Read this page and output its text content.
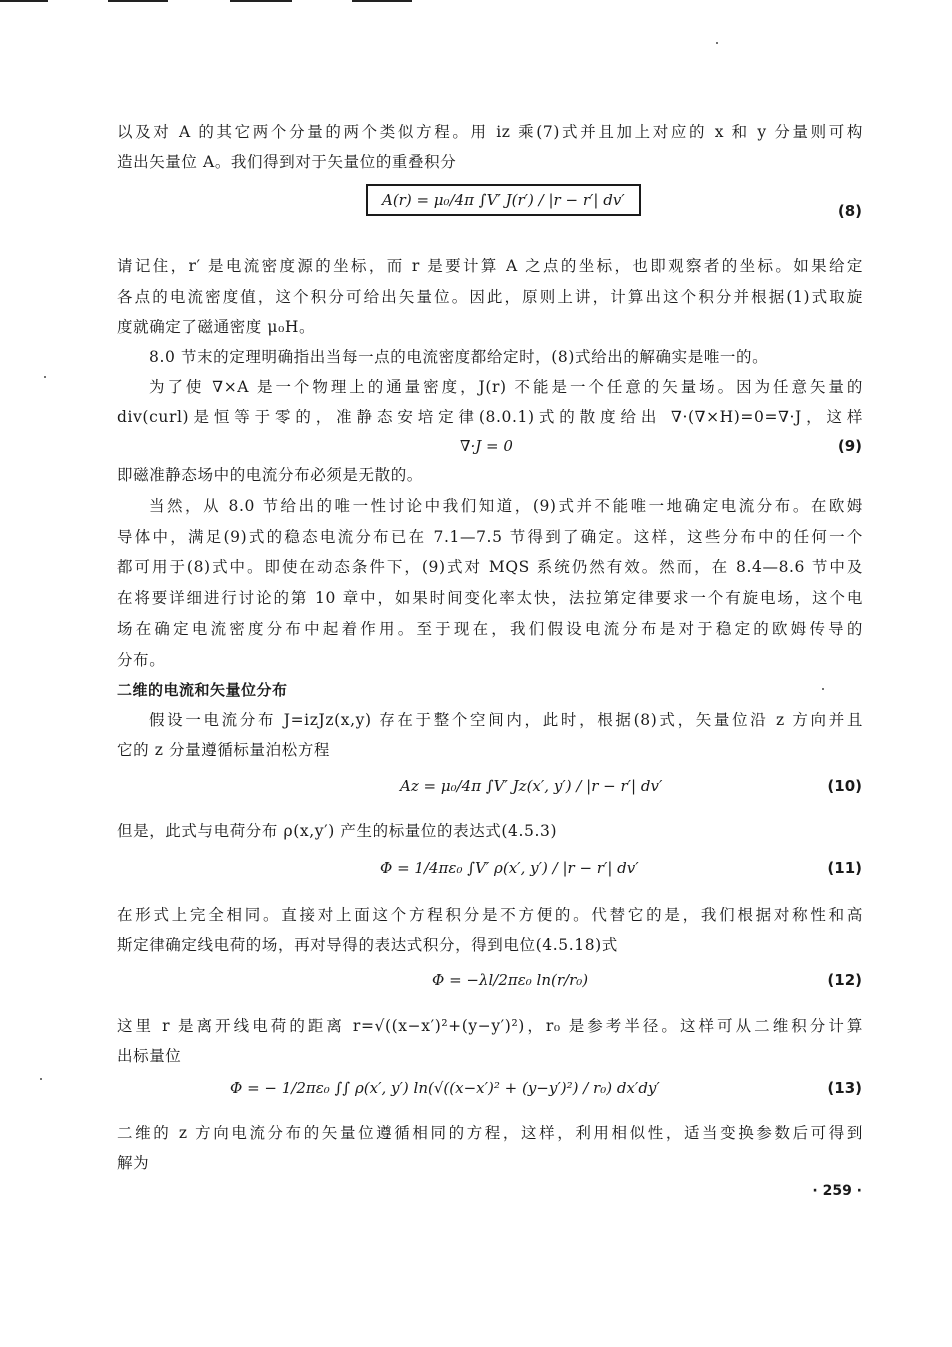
以及对 A 的其它两个分量的两个类似方程。用 iz 乘(7)式并且加上对应的 x 和 y 分量则可构
造出矢量位 A。我们得到对于矢量位的重叠积分
A(r) = μ₀/4π ∫V′ J(r′) / |r − r′| dv′
(8)
请记住，r′ 是电流密度源的坐标，而 r 是要计算 A 之点的坐标，也即观察者的坐标。如果给定
各点的电流密度值，这个积分可给出矢量位。因此，原则上讲，计算出这个积分并根据(1)式取旋
度就确定了磁通密度 μ₀H。
8.0 节末的定理明确指出当每一点的电流密度都给定时，(8)式给出的解确实是唯一的。
为了使 ∇×A 是一个物理上的通量密度，J(r) 不能是一个任意的矢量场。因为任意矢量的
div(curl)是恒等于零的，准静态安培定律(8.0.1)式的散度给出 ∇·(∇×H)=0=∇·J，这样
∇·J = 0	(9)
即磁准静态场中的电流分布必须是无散的。
当然，从 8.0 节给出的唯一性讨论中我们知道，(9)式并不能唯一地确定电流分布。在欧姆
导体中，满足(9)式的稳态电流分布已在 7.1—7.5 节得到了确定。这样，这些分布中的任何一个
都可用于(8)式中。即使在动态条件下，(9)式对 MQS 系统仍然有效。然而，在 8.4—8.6 节中及
在将要详细进行讨论的第 10 章中，如果时间变化率太快，法拉第定律要求一个有旋电场，这个电
场在确定电流密度分布中起着作用。至于现在，我们假设电流分布是对于稳定的欧姆传导的
分布。
二维的电流和矢量位分布
假设一电流分布 J=izJz(x,y) 存在于整个空间内，此时，根据(8)式，矢量位沿 z 方向并且
它的 z 分量遵循标量泊松方程
Az = μ₀/4π ∫V′ Jz(x′, y′) / |r − r′| dv′	(10)
但是，此式与电荷分布 ρ(x,y′) 产生的标量位的表达式(4.5.3)
Φ = 1/4πε₀ ∫V′ ρ(x′, y′) / |r − r′| dv′	(11)
在形式上完全相同。直接对上面这个方程积分是不方便的。代替它的是，我们根据对称性和高
斯定律确定线电荷的场，再对导得的表达式积分，得到电位(4.5.18)式
Φ = −λl/2πε₀ ln(r/r₀)	(12)
这里 r 是离开线电荷的距离 r=√((x−x′)²+(y−y′)²)，r₀ 是参考半径。这样可从二维积分计算
出标量位
Φ = − 1/2πε₀ ∫∫ ρ(x′, y′) ln(√((x−x′)² + (y−y′)²) / r₀) dx′dy′	(13)
二维的 z 方向电流分布的矢量位遵循相同的方程，这样，利用相似性，适当变换参数后可得到
解为
· 259 ·
